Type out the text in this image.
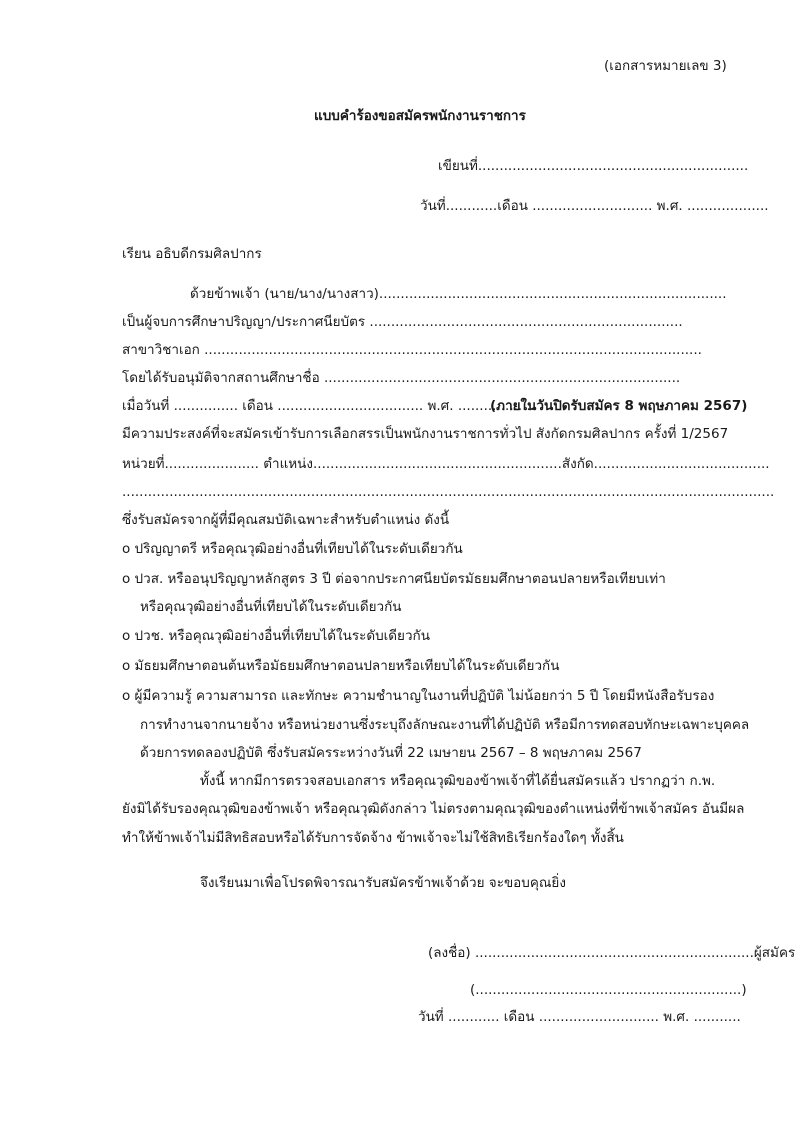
(เอกสารหมายเลข 3)
แบบคำร้องขอสมัครพนักงานราชการ
เขียนที่...............................................................
วันที่............เดือน ............................ พ.ศ. ...................
เรียน อธิบดีกรมศิลปากร
ด้วยข้าพเจ้า (นาย/นาง/นางสาว).................................................................................
เป็นผู้จบการศึกษาปริญญา/ประกาศนียบัตร .........................................................................
สาขาวิชาเอก ....................................................................................................................
โดยได้รับอนุมัติจากสถานศึกษาชื่อ ...................................................................................
เมื่อวันที่ ............... เดือน .................................. พ.ศ. ..................
(ภายในวันปิดรับสมัคร 8 พฤษภาคม 2567)
มีความประสงค์ที่จะสมัครเข้ารับการเลือกสรรเป็นพนักงานราชการทั่วไป สังกัดกรมศิลปากร ครั้งที่ 1/2567
หน่วยที่...................... ตำแหน่ง..........................................................สังกัด.........................................
........................................................................................................................................................
ซึ่งรับสมัครจากผู้ที่มีคุณสมบัติเฉพาะสำหรับตำแหน่ง ดังนี้
o ปริญญาตรี หรือคุณวุฒิอย่างอื่นที่เทียบได้ในระดับเดียวกัน
o ปวส. หรืออนุปริญญาหลักสูตร 3 ปี ต่อจากประกาศนียบัตรมัธยมศึกษาตอนปลายหรือเทียบเท่า
หรือคุณวุฒิอย่างอื่นที่เทียบได้ในระดับเดียวกัน
o ปวช. หรือคุณวุฒิอย่างอื่นที่เทียบได้ในระดับเดียวกัน
o มัธยมศึกษาตอนต้นหรือมัธยมศึกษาตอนปลายหรือเทียบได้ในระดับเดียวกัน
o ผู้มีความรู้ ความสามารถ และทักษะ ความชำนาญในงานที่ปฏิบัติ ไม่น้อยกว่า 5 ปี โดยมีหนังสือรับรอง
การทำงานจากนายจ้าง หรือหน่วยงานซึ่งระบุถึงลักษณะงานที่ได้ปฏิบัติ หรือมีการทดสอบทักษะเฉพาะบุคคล
ด้วยการทดลองปฏิบัติ ซึ่งรับสมัครระหว่างวันที่ 22 เมษายน 2567 – 8 พฤษภาคม 2567
ทั้งนี้ หากมีการตรวจสอบเอกสาร หรือคุณวุฒิของข้าพเจ้าที่ได้ยื่นสมัครแล้ว ปรากฏว่า ก.พ.
ยังมิได้รับรองคุณวุฒิของข้าพเจ้า หรือคุณวุฒิดังกล่าว ไม่ตรงตามคุณวุฒิของตำแหน่งที่ข้าพเจ้าสมัคร อันมีผล
ทำให้ข้าพเจ้าไม่มีสิทธิสอบหรือได้รับการจัดจ้าง ข้าพเจ้าจะไม่ใช้สิทธิเรียกร้องใดๆ ทั้งสิ้น
จึงเรียนมาเพื่อโปรดพิจารณารับสมัครข้าพเจ้าด้วย จะขอบคุณยิ่ง
(ลงชื่อ) .................................................................ผู้สมัคร
(..............................................................)
วันที่ ............ เดือน ............................ พ.ศ. ...........
